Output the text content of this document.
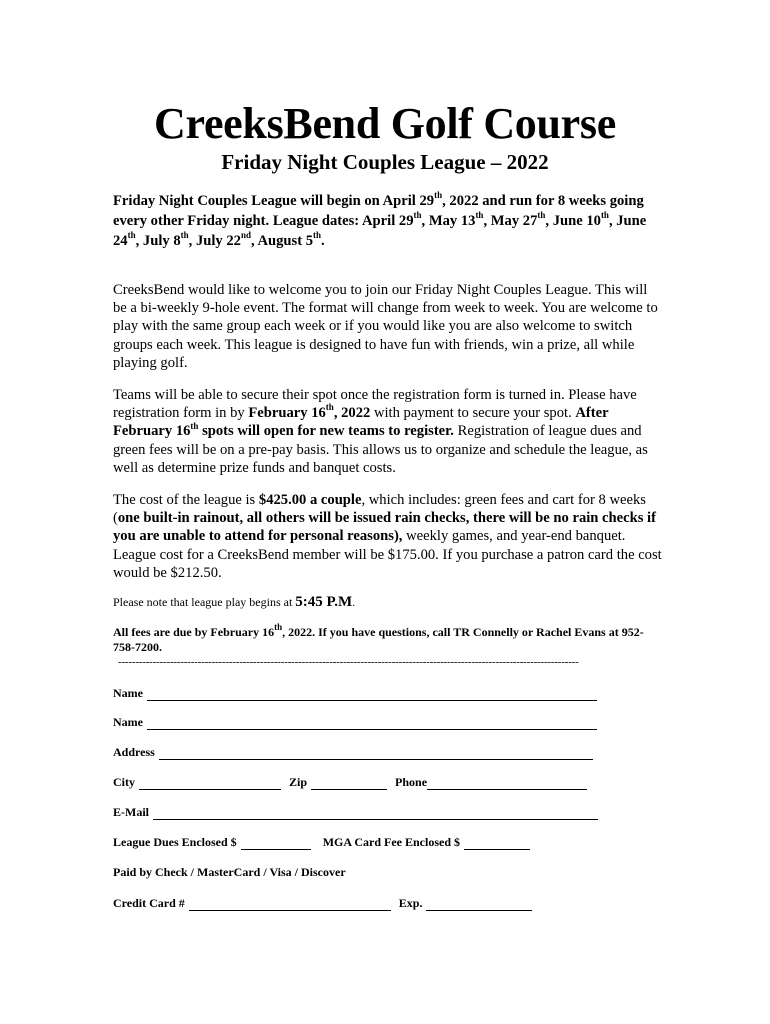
CreeksBend Golf Course
Friday Night Couples League – 2022
Friday Night Couples League will begin on April 29th, 2022 and run for 8 weeks going every other Friday night. League dates: April 29th, May 13th, May 27th, June 10th, June 24th, July 8th, July 22nd, August 5th.
CreeksBend would like to welcome you to join our Friday Night Couples League. This will be a bi-weekly 9-hole event. The format will change from week to week. You are welcome to play with the same group each week or if you would like you are also welcome to switch groups each week. This league is designed to have fun with friends, win a prize, all while playing golf.
Teams will be able to secure their spot once the registration form is turned in. Please have registration form in by February 16th, 2022 with payment to secure your spot. After February 16th spots will open for new teams to register. Registration of league dues and green fees will be on a pre-pay basis. This allows us to organize and schedule the league, as well as determine prize funds and banquet costs.
The cost of the league is $425.00 a couple, which includes: green fees and cart for 8 weeks (one built-in rainout, all others will be issued rain checks, there will be no rain checks if you are unable to attend for personal reasons), weekly games, and year-end banquet. League cost for a CreeksBend member will be $175.00. If you purchase a patron card the cost would be $212.50.
Please note that league play begins at 5:45 P.M.
All fees are due by February 16th, 2022. If you have questions, call TR Connelly or Rachel Evans at 952-758-7200.
-------------------------------------------------------------------------------------------------------------------------------------
Name
Name
Address
City	Zip	Phone
E-Mail
League Dues Enclosed $	MGA Card Fee Enclosed $
Paid by Check / MasterCard / Visa / Discover
Credit Card #	Exp.
